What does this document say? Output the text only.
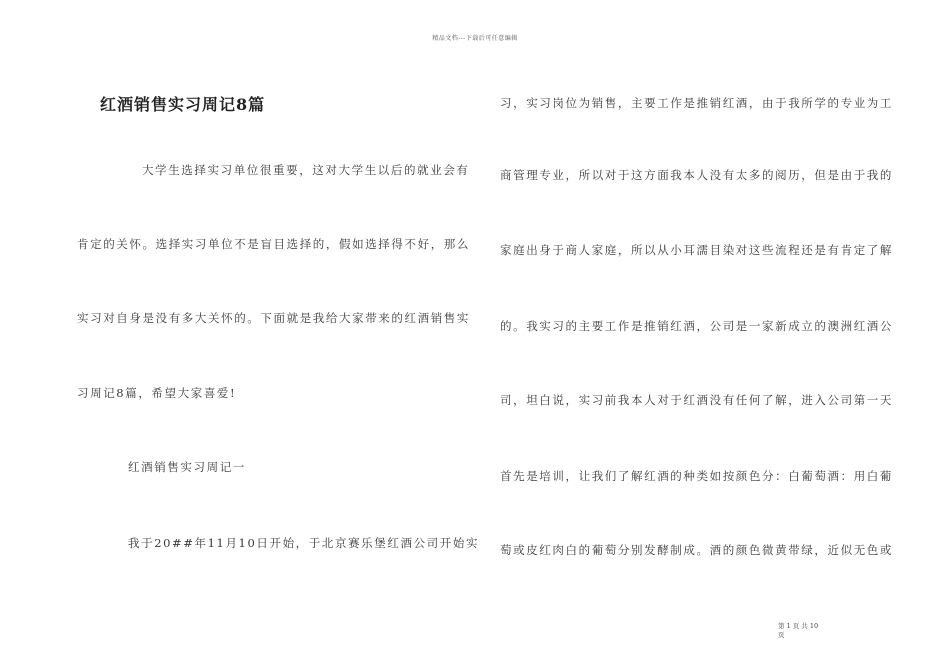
精品文档---下载后可任意编辑
红酒销售实习周记8篇
大学生选择实习单位很重要，这对大学生以后的就业会有
肯定的关怀。选择实习单位不是盲目选择的，假如选择得不好，那么
实习对自身是没有多大关怀的。下面就是我给大家带来的红酒销售实
习周记8篇，希望大家喜爱!
红酒销售实习周记一
我于20##年11月10日开始，于北京赛乐堡红酒公司开始实
习，实习岗位为销售，主要工作是推销红酒，由于我所学的专业为工
商管理专业，所以对于这方面我本人没有太多的阅历，但是由于我的
家庭出身于商人家庭，所以从小耳濡目染对这些流程还是有肯定了解
的。我实习的主要工作是推销红酒，公司是一家新成立的澳洲红酒公
司，坦白说，实习前我本人对于红酒没有任何了解，进入公司第一天
首先是培训，让我们了解红酒的种类如按颜色分：白葡萄酒：用白葡
萄或皮红肉白的葡萄分别发酵制成。酒的颜色微黄带绿，近似无色或
第 1 页 共 10
页
